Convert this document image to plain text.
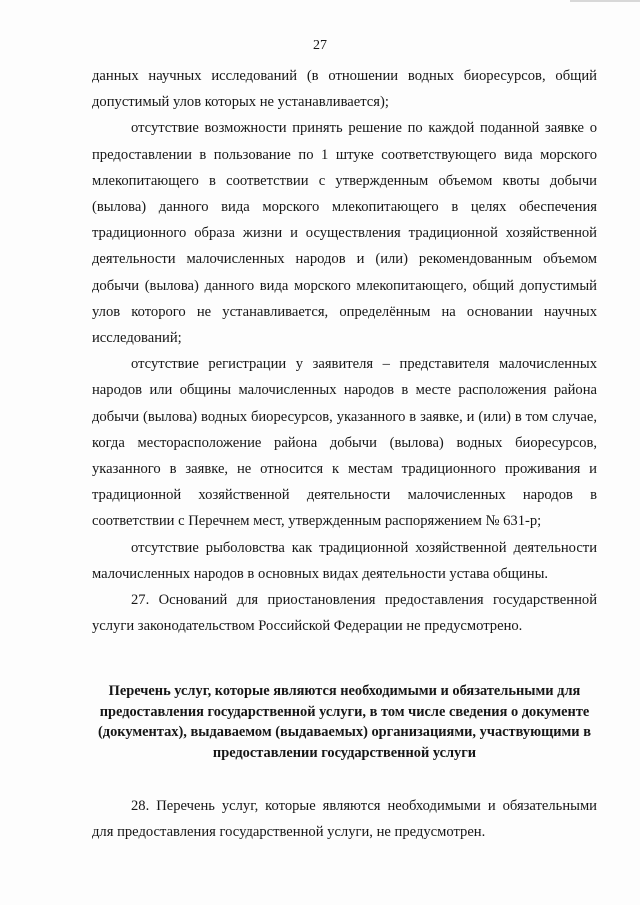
27

данных научных исследований (в отношении водных биоресурсов, общий допустимый улов которых не устанавливается);

отсутствие возможности принять решение по каждой поданной заявке о предоставлении в пользование по 1 штуке соответствующего вида морского млекопитающего в соответствии с утвержденным объемом квоты добычи (вылова) данного вида морского млекопитающего в целях обеспечения традиционного образа жизни и осуществления традиционной хозяйственной деятельности малочисленных народов и (или) рекомендованным объемом добычи (вылова) данного вида морского млекопитающего, общий допустимый улов которого не устанавливается, определённым на основании научных исследований;

отсутствие регистрации у заявителя – представителя малочисленных народов или общины малочисленных народов в месте расположения района добычи (вылова) водных биоресурсов, указанного в заявке, и (или) в том случае, когда месторасположение района добычи (вылова) водных биоресурсов, указанного в заявке, не относится к местам традиционного проживания и традиционной хозяйственной деятельности малочисленных народов в соответствии с Перечнем мест, утвержденным распоряжением № 631-р;

отсутствие рыболовства как традиционной хозяйственной деятельности малочисленных народов в основных видах деятельности устава общины.

27. Оснований для приостановления предоставления государственной услуги законодательством Российской Федерации не предусмотрено.

Перечень услуг, которые являются необходимыми и обязательными для предоставления государственной услуги, в том числе сведения о документе (документах), выдаваемом (выдаваемых) организациями, участвующими в предоставлении государственной услуги

28. Перечень услуг, которые являются необходимыми и обязательными для предоставления государственной услуги, не предусмотрен.
